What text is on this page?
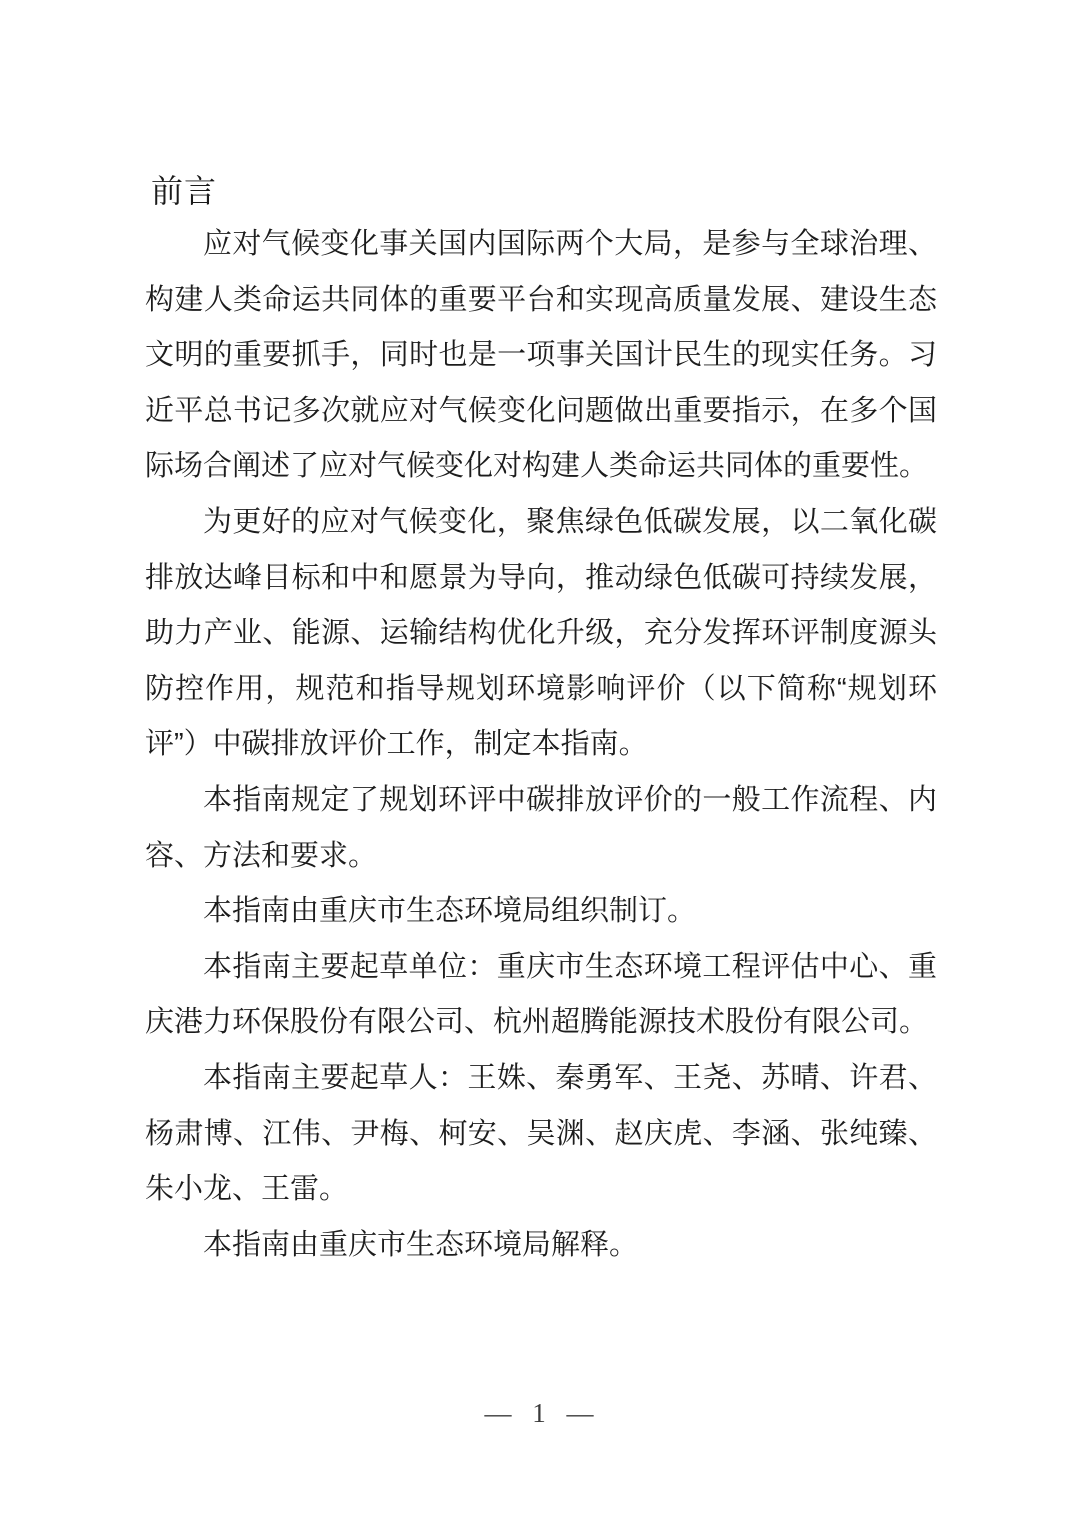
前言

应对气候变化事关国内国际两个大局，是参与全球治理、构建人类命运共同体的重要平台和实现高质量发展、建设生态文明的重要抓手，同时也是一项事关国计民生的现实任务。习近平总书记多次就应对气候变化问题做出重要指示，在多个国际场合阐述了应对气候变化对构建人类命运共同体的重要性。

为更好的应对气候变化，聚焦绿色低碳发展，以二氧化碳排放达峰目标和中和愿景为导向，推动绿色低碳可持续发展，助力产业、能源、运输结构优化升级，充分发挥环评制度源头防控作用，规范和指导规划环境影响评价（以下简称“规划环评”）中碳排放评价工作，制定本指南。

本指南规定了规划环评中碳排放评价的一般工作流程、内容、方法和要求。

本指南由重庆市生态环境局组织制订。

本指南主要起草单位：重庆市生态环境工程评估中心、重庆港力环保股份有限公司、杭州超腾能源技术股份有限公司。

本指南主要起草人：王姝、秦勇军、王尧、苏晴、许君、杨肃博、江伟、尹梅、柯安、吴渊、赵庆虎、李涵、张纯臻、朱小龙、王雷。

本指南由重庆市生态环境局解释。

— 1 —
